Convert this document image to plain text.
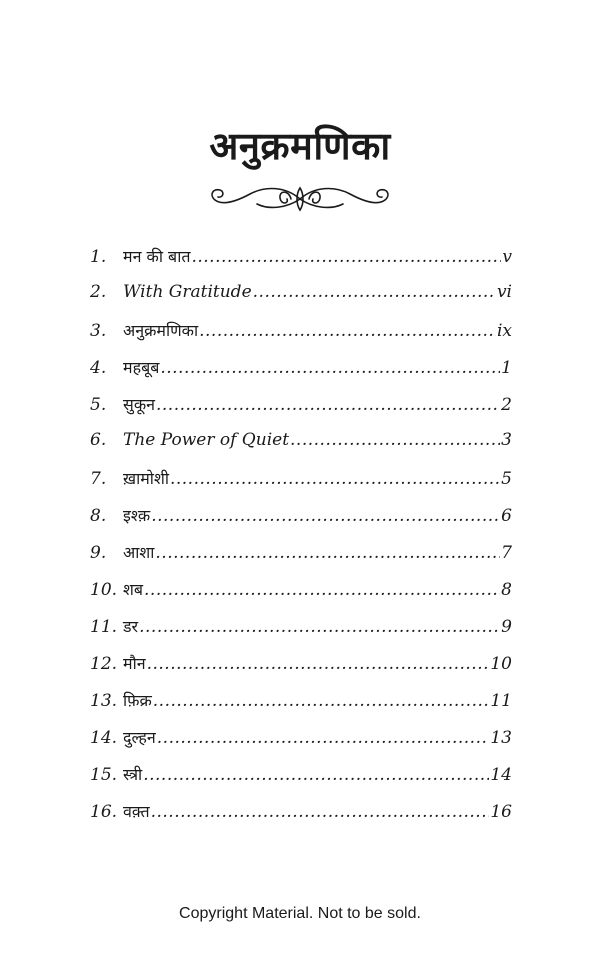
अनुक्रमणिका
1.	मन की बात .....	v
2. With Gratitude .....	vi
3.	अनुक्रमणिका .....	ix
4.	महबूब .....	1
5.	सुकून .....	2
6. The Power of Quiet .....	3
7.	ख़ामोशी .....	5
8.	इश्क़ .....	6
9.	आशा .....	7
10. शब .....	8
11. डर .....	9
12. मौन .....	10
13. फ़िक्र .....	11
14. दुल्हन .....	13
15. स्त्री .....	14
16. वक़्त .....	16
Copyright Material. Not to be sold.
